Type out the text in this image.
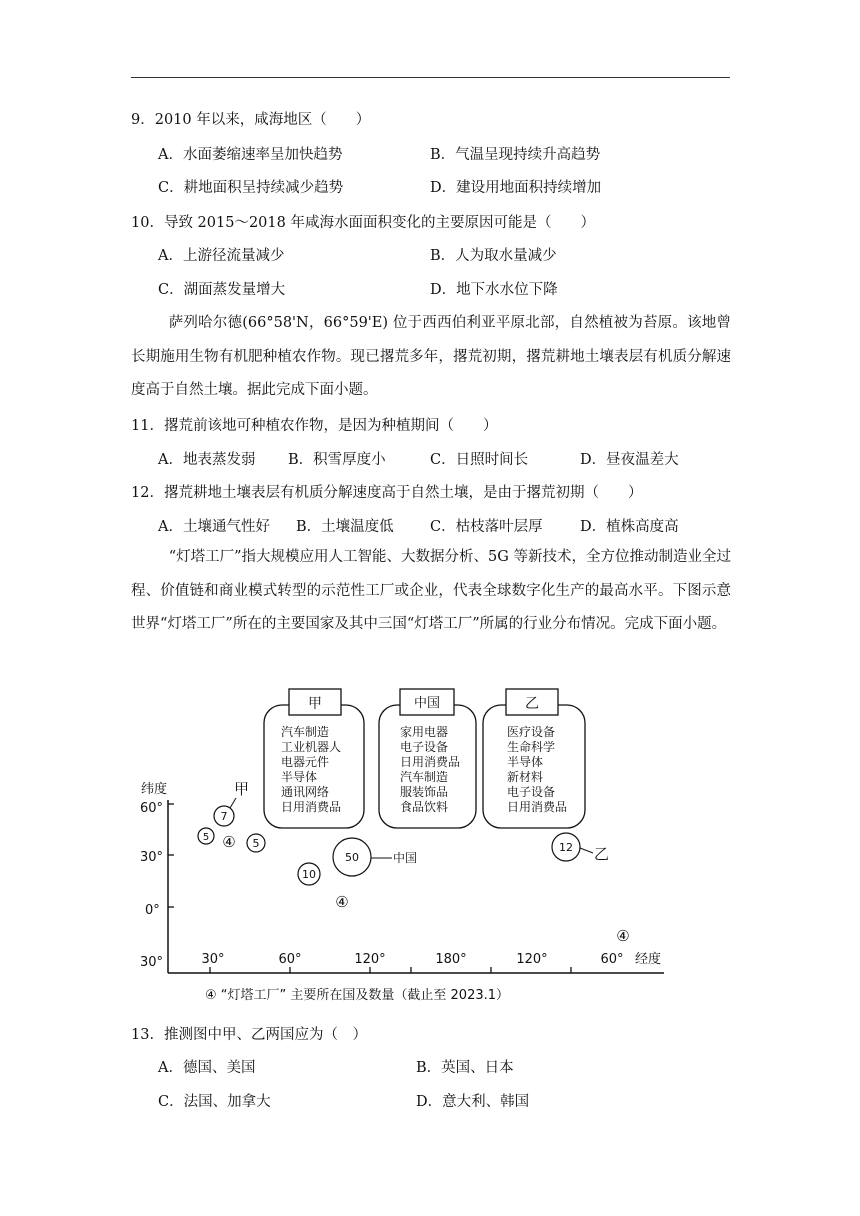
9．2010 年以来，咸海地区（　　）
A．水面萎缩速率呈加快趋势	B．气温呈现持续升高趋势
C．耕地面积呈持续减少趋势	D．建设用地面积持续增加
10．导致 2015～2018 年咸海水面面积变化的主要原因可能是（　　）
A．上游径流量减少	B．人为取水量减少
C．湖面蒸发量增大	D．地下水水位下降
萨列哈尔德(66°58'N，66°59'E) 位于西西伯利亚平原北部，自然植被为苔原。该地曾长期施用生物有机肥种植农作物。现已撂荒多年，撂荒初期，撂荒耕地土壤表层有机质分解速度高于自然土壤。据此完成下面小题。
11．撂荒前该地可种植农作物，是因为种植期间（　　）
A．地表蒸发弱 B．积雪厚度小	C．日照时间长	D．昼夜温差大
12．撂荒耕地土壤表层有机质分解速度高于自然土壤，是由于撂荒初期（　　）
A．土壤通气性好 B．土壤温度低	C．枯枝落叶层厚	D．植株高度高
“灯塔工厂”指大规模应用人工智能、大数据分析、5G 等新技术，全方位推动制造业全过程、价值链和商业模式转型的示范性工厂或企业，代表全球数字化生产的最高水平。下图示意世界“灯塔工厂”所在的主要国家及其中三国“灯塔工厂”所属的行业分布情况。完成下面小题。
甲
汽车制造
工业机器人
电器元件
半导体
通讯网络
日用消费品
中国
家用电器
电子设备
日用消费品
汽车制造
服装饰品
食品饮料
乙
医疗设备
生命科学
半导体
新材料
电子设备
日用消费品
纬度
60°
30°
0°
30°	30°	60°	120°	180°	120°	60° 经度
7
甲
5 ④ 5
50	中国
10
④
12 乙
④
④ “灯塔工厂” 主要所在国及数量（截止至 2023.1）
13．推测图中甲、乙两国应为（　）
A．德国、美国	B．英国、日本
C．法国、加拿大	D．意大利、韩国
